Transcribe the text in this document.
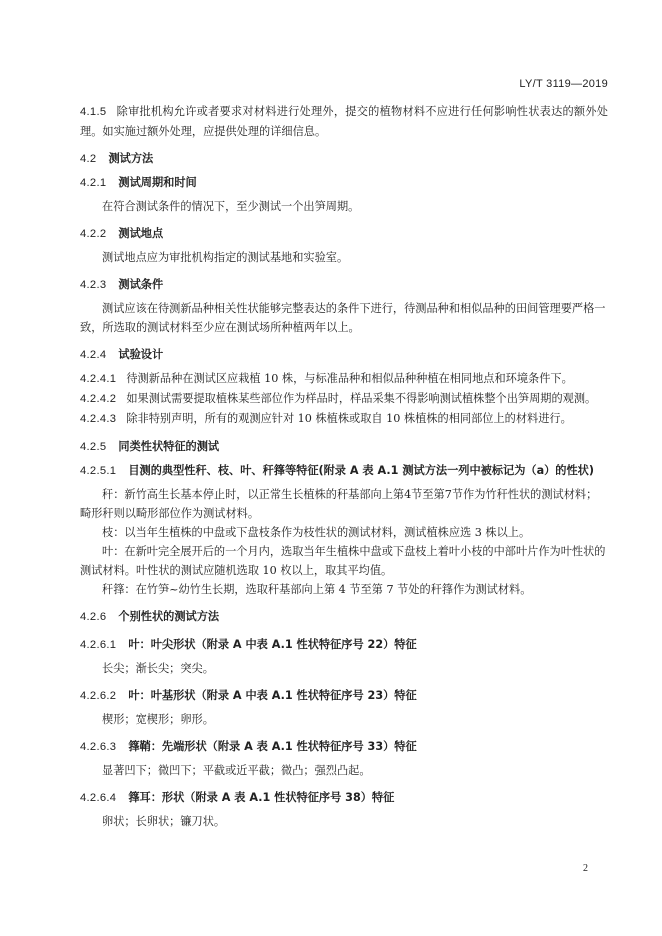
LY/T 3119—2019

4.1.5 除审批机构允许或者要求对材料进行处理外，提交的植物材料不应进行任何影响性状表达的额外处理。如实施过额外处理，应提供处理的详细信息。

4.2 测试方法

4.2.1 测试周期和时间

在符合测试条件的情况下，至少测试一个出笋周期。

4.2.2 测试地点

测试地点应为审批机构指定的测试基地和实验室。

4.2.3 测试条件

测试应该在待测新品种相关性状能够完整表达的条件下进行，待测品种和相似品种的田间管理要严格一致，所选取的测试材料至少应在测试场所种植两年以上。

4.2.4 试验设计

4.2.4.1 待测新品种在测试区应栽植 10 株，与标准品种和相似品种种植在相同地点和环境条件下。

4.2.4.2 如果测试需要提取植株某些部位作为样品时，样品采集不得影响测试植株整个出笋周期的观测。

4.2.4.3 除非特别声明，所有的观测应针对 10 株植株或取自 10 株植株的相同部位上的材料进行。

4.2.5 同类性状特征的测试

4.2.5.1 目测的典型性秆、枝、叶、秆箨等特征(附录 A 表 A.1 测试方法一列中被标记为（a）的性状)

秆：新竹高生长基本停止时，以正常生长植株的秆基部向上第4节至第7节作为竹秆性状的测试材料；畸形秆则以畸形部位作为测试材料。

枝：以当年生植株的中盘或下盘枝条作为枝性状的测试材料，测试植株应选 3 株以上。

叶：在新叶完全展开后的一个月内，选取当年生植株中盘或下盘枝上着叶小枝的中部叶片作为叶性状的测试材料。叶性状的测试应随机选取 10 枚以上，取其平均值。

秆箨：在竹笋~幼竹生长期，选取秆基部向上第 4 节至第 7 节处的秆箨作为测试材料。

4.2.6 个别性状的测试方法

4.2.6.1 叶：叶尖形状（附录 A 中表 A.1 性状特征序号 22）特征

长尖；渐长尖；突尖。

4.2.6.2 叶：叶基形状（附录 A 中表 A.1 性状特征序号 23）特征

楔形；宽楔形；卵形。

4.2.6.3 箨鞘：先端形状（附录 A 表 A.1 性状特征序号 33）特征

显著凹下；微凹下；平截或近平截；微凸；强烈凸起。

4.2.6.4 箨耳：形状（附录 A 表 A.1 性状特征序号 38）特征

卵状；长卵状；镰刀状。

2
